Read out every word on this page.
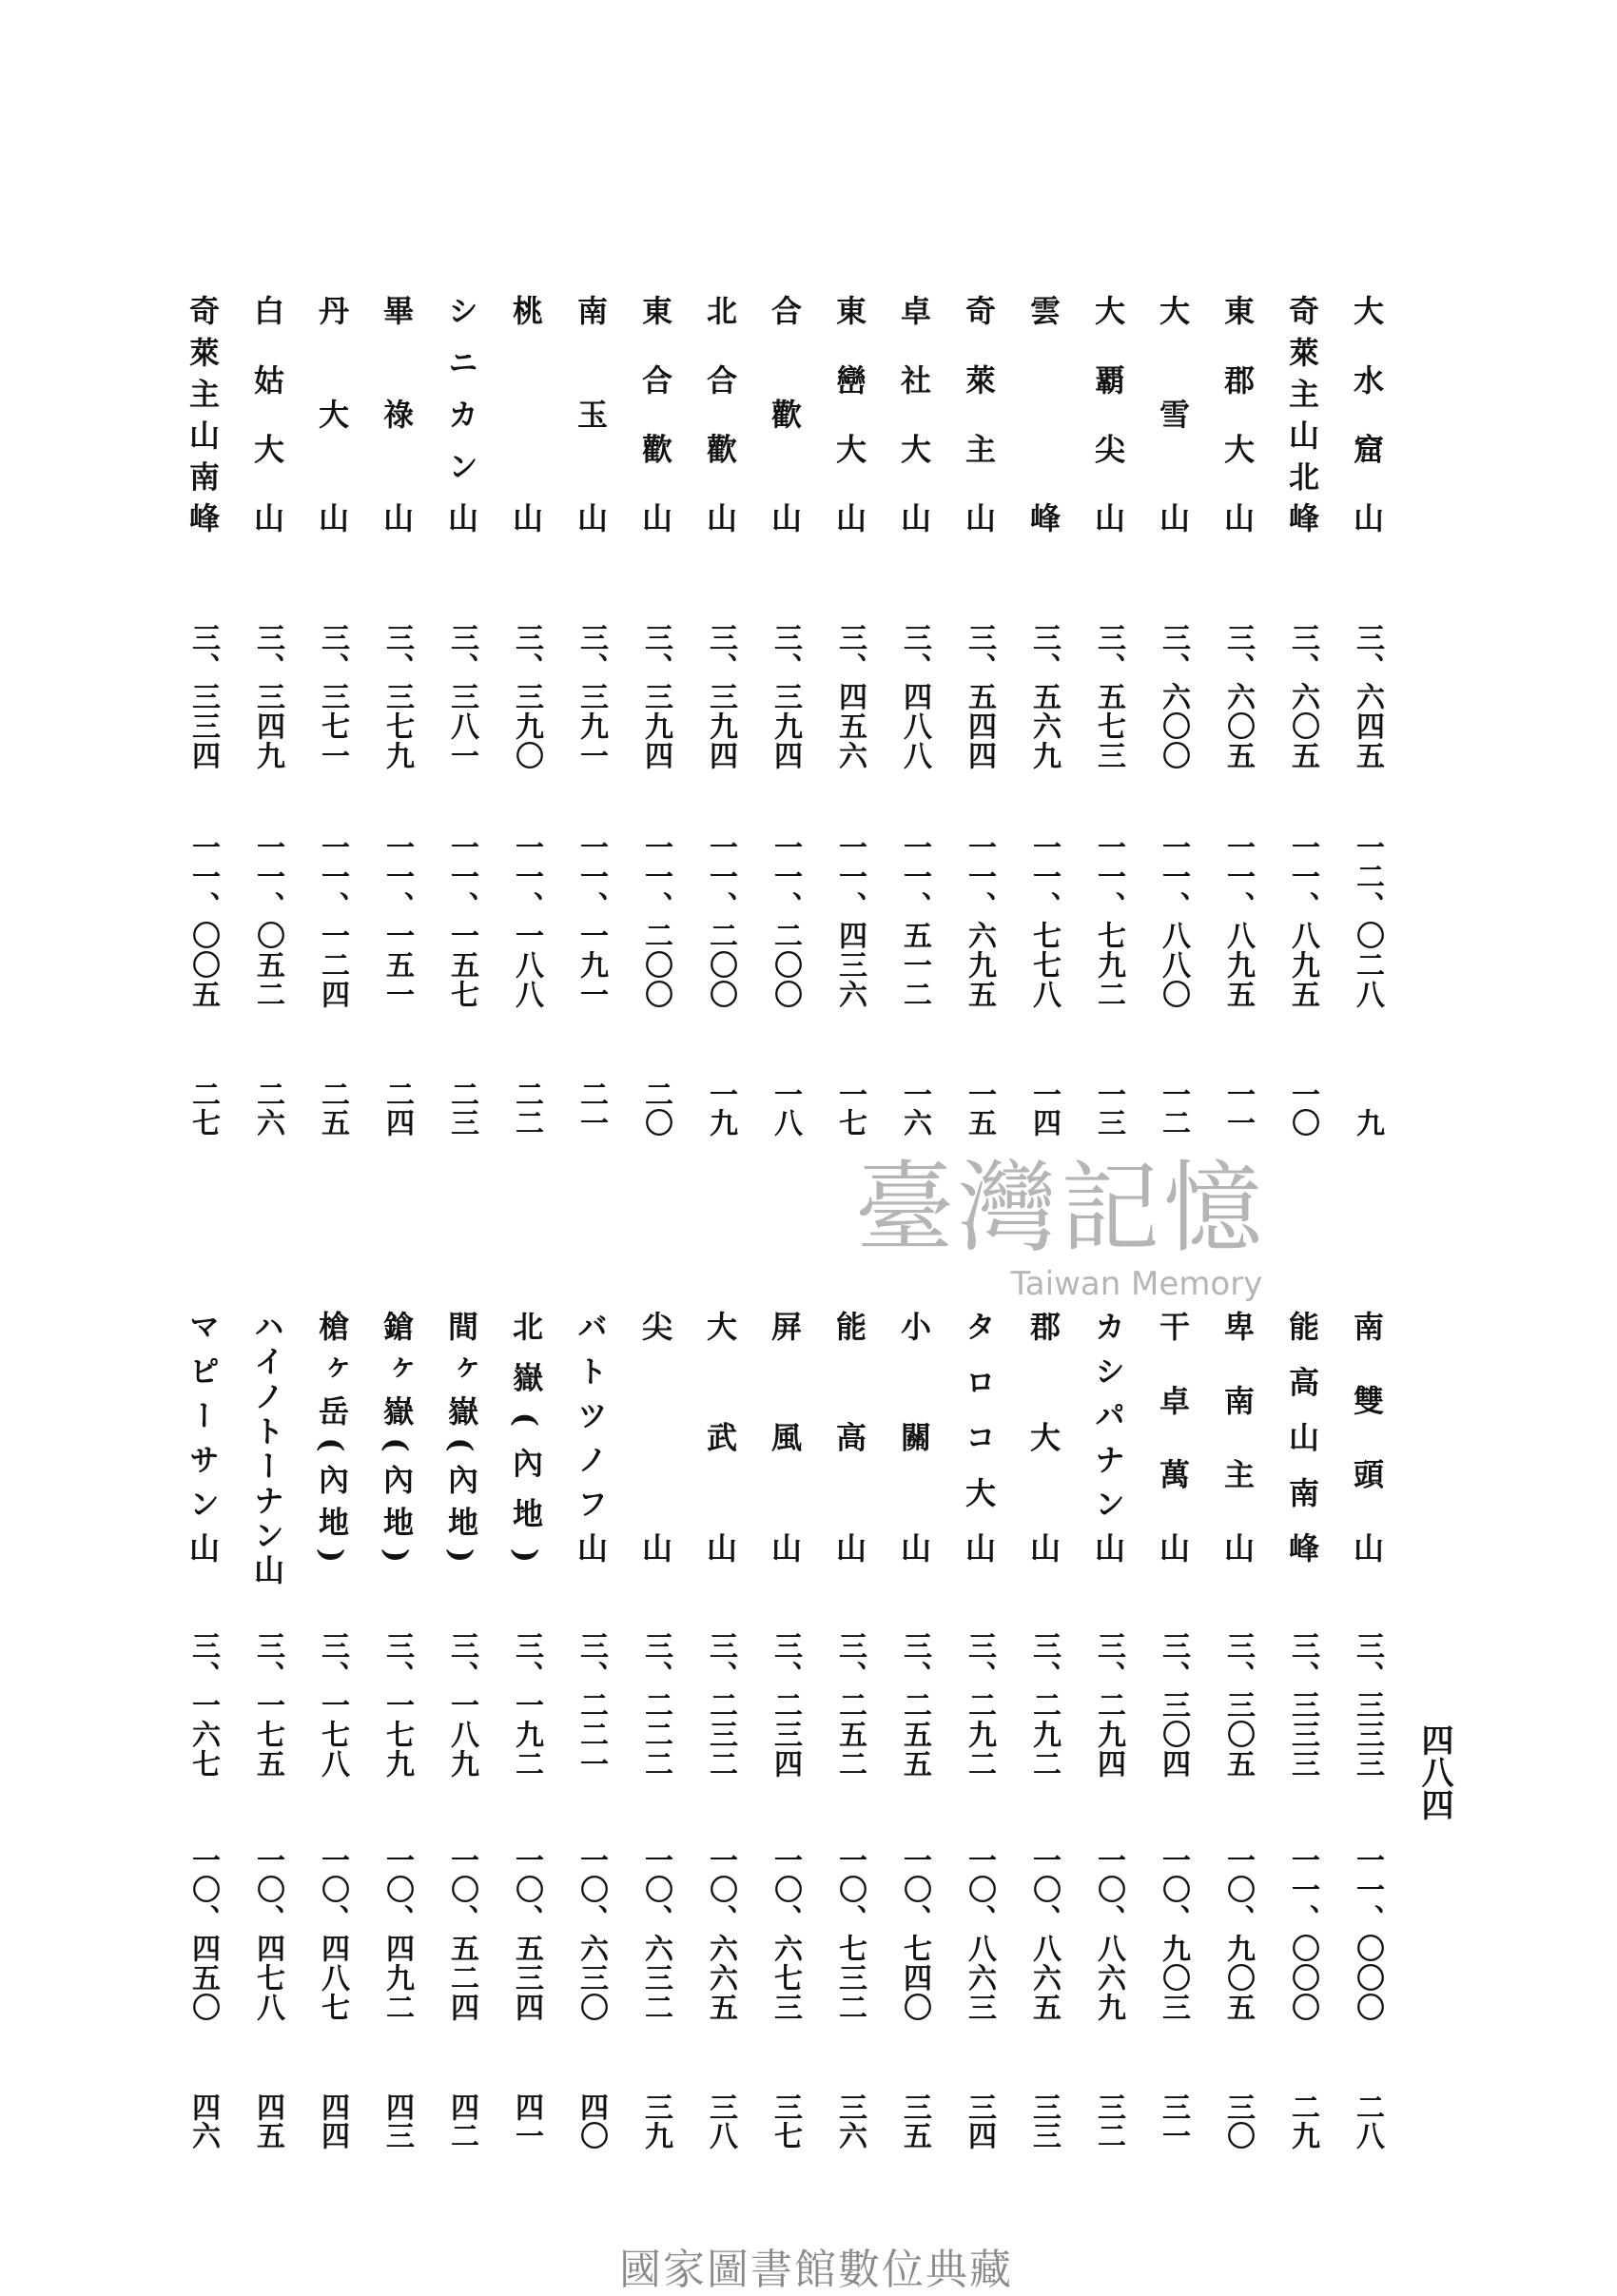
大水窟山
三、六四五
一二、〇二八
九
奇萊主山北峰
三、六〇五
一一、八九五
一〇
東郡大山
三、六〇五
一一、八九五
一一
大雪山
三、六〇〇
一一、八八〇
一二
大覇尖山
三、五七三
一一、七九二
一三
雲峰
三、五六九
一一、七七八
一四
奇萊主山
三、五四四
一一、六九五
一五
卓社大山
三、四八八
一一、五一二
一六
東巒大山
三、四五六
一一、四三六
一七
合歡山
三、三九四
一一、二〇〇
一八
北合歡山
三、三九四
一一、二〇〇
一九
東合歡山
三、三九四
一一、二〇〇
二〇
南玉山
三、三九一
一一、一九一
二一
桃山
三、三九〇
一一、一八八
二二
シニカン山
三、三八一
一一、一五七
二三
畢祿山
三、三七九
一一、一五一
二四
丹大山
三、三七一
一一、一二四
二五
白姑大山
三、三四九
一一、〇五二
二六
奇萊主山南峰
三、三三四
一一、〇〇五
二七
南雙頭山
三、三三三
一一、〇〇〇
二八
能高山南峰
三、三三三
一一、〇〇〇
二九
卑南主山
三、三〇五
一〇、九〇五
三〇
干卓萬山
三、三〇四
一〇、九〇三
三一
カシパナン山
三、二九四
一〇、八六九
三二
郡大山
三、二九二
一〇、八六五
三三
タロコ大山
三、二九二
一〇、八六三
三四
小關山
三、二五五
一〇、七四〇
三五
能高山
三、二五二
一〇、七三二
三六
屏風山
三、二三四
一〇、六七三
三七
大武山
三、二三二
一〇、六六五
三八
尖山
三、二二二
一〇、六三二
三九
バトツノフ山
三、二二一
一〇、六三〇
四〇
北嶽(內地)
三、一九二
一〇、五三四
四一
間ヶ嶽(內地)
三、一八九
一〇、五二四
四二
鎗ヶ嶽(內地)
三、一七九
一〇、四九二
四三
槍ヶ岳(內地)
三、一七八
一〇、四八七
四四
ハイノトーナン山
三、一七五
一〇、四七八
四五
マピーサン山
三、一六七
一〇、四五〇
四六
四八四
臺灣記憶
Taiwan Memory
國家圖書館數位典藏
